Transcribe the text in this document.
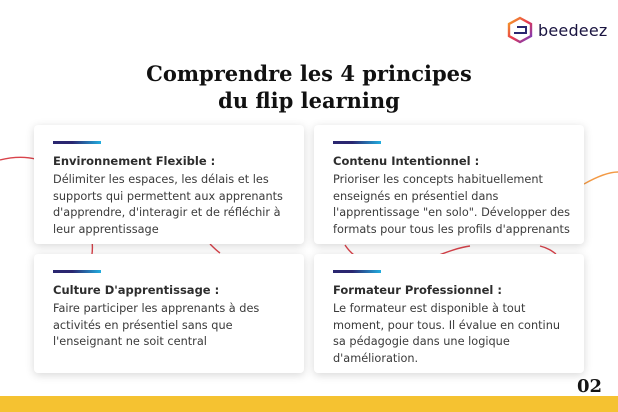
beedeez
Comprendre les 4 principes
du flip learning
Environnement Flexible :
Délimiter les espaces, les délais et les supports qui permettent aux apprenants d'apprendre, d'interagir et de réfléchir à leur apprentissage
Contenu Intentionnel :
Prioriser les concepts habituellement enseignés en présentiel dans l'apprentissage "en solo". Développer des formats pour tous les profils d'apprenants
Culture D'apprentissage :
Faire participer les apprenants à des activités en présentiel sans que l'enseignant ne soit central
Formateur Professionnel :
Le formateur est disponible à tout moment, pour tous. Il évalue en continu sa pédagogie dans une logique d'amélioration.
02
